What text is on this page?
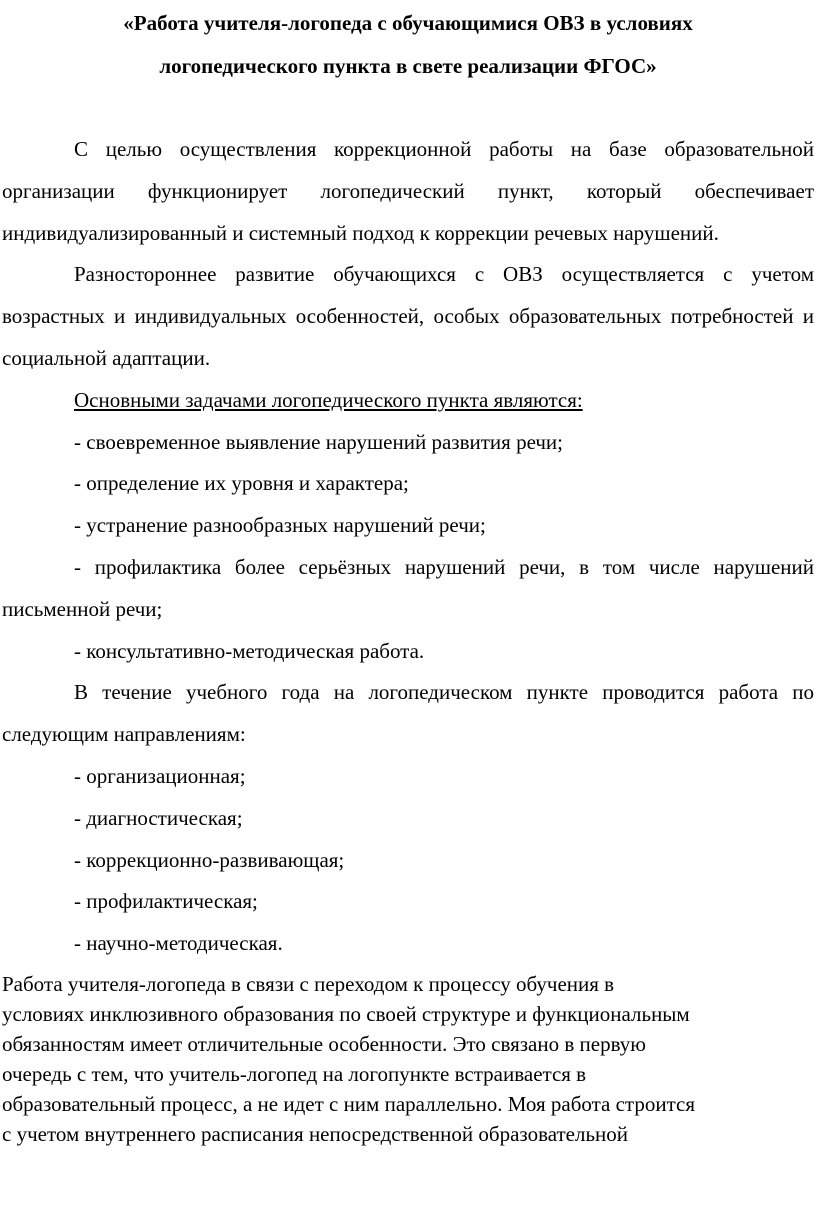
«Работа учителя-логопеда с обучающимися ОВЗ в условиях
логопедического пункта в свете реализации ФГОС»

С целью осуществления коррекционной работы на базе образовательной организации функционирует логопедический пункт, который обеспечивает индивидуализированный и системный подход к коррекции речевых нарушений.

Разностороннее развитие обучающихся с ОВЗ осуществляется с учетом возрастных и индивидуальных особенностей, особых образовательных потребностей и социальной адаптации.

Основными задачами логопедического пункта являются:

- своевременное выявление нарушений развития речи;

- определение их уровня и характера;

- устранение разнообразных нарушений речи;

- профилактика более серьёзных нарушений речи, в том числе нарушений письменной речи;

- консультативно-методическая работа.

В течение учебного года на логопедическом пункте проводится работа по следующим направлениям:

- организационная;

- диагностическая;

- коррекционно-развивающая;

- профилактическая;

- научно-методическая.

Работа учителя-логопеда в связи с переходом к процессу обучения в
условиях инклюзивного образования по своей структуре и функциональным
обязанностям имеет отличительные особенности. Это связано в первую
очередь с тем, что учитель-логопед на логопункте встраивается в
образовательный процесс, а не идет с ним параллельно. Моя работа строится
с учетом внутреннего расписания непосредственной образовательной
